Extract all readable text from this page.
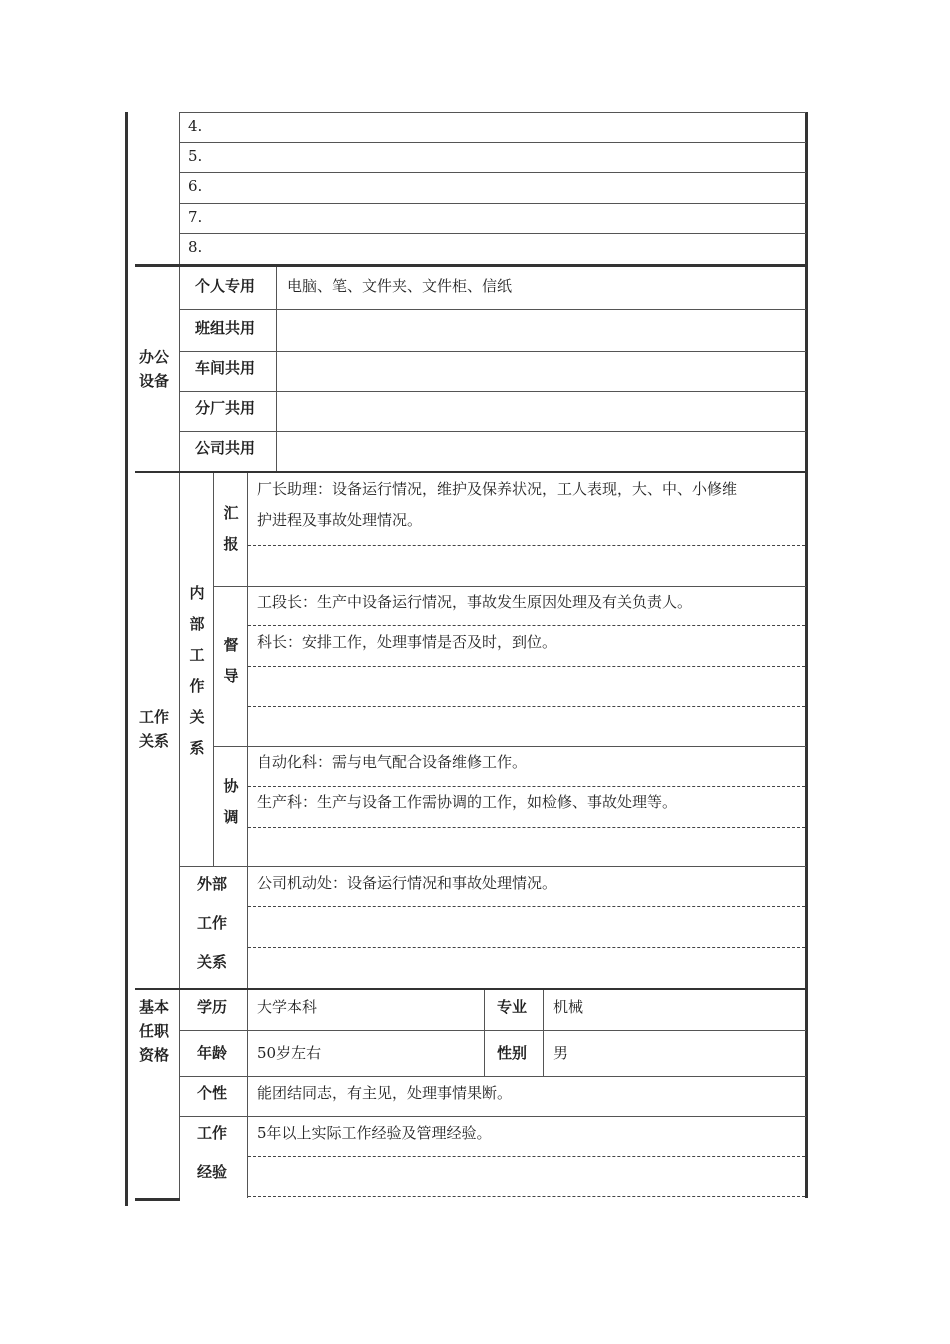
4.
5.
6.
7.
8.
办公设备
个人专用 电脑、笔、文件夹、文件柜、信纸
班组共用
车间共用
分厂共用
公司共用
工作关系
内部工作关系
汇报
厂长助理：设备运行情况，维护及保养状况，工人表现，大、中、小修维
护进程及事故处理情况。
督导
工段长：生产中设备运行情况，事故发生原因处理及有关负责人。
科长：安排工作，处理事情是否及时，到位。
协调
自动化科：需与电气配合设备维修工作。
生产科：生产与设备工作需协调的工作，如检修、事故处理等。
外部
工作
关系
公司机动处：设备运行情况和事故处理情况。
基本任职资格
学历 大学本科	专业 机械
年龄 50岁左右	性别 男
个性 能团结同志，有主见，处理事情果断。
工作
经验
5年以上实际工作经验及管理经验。
